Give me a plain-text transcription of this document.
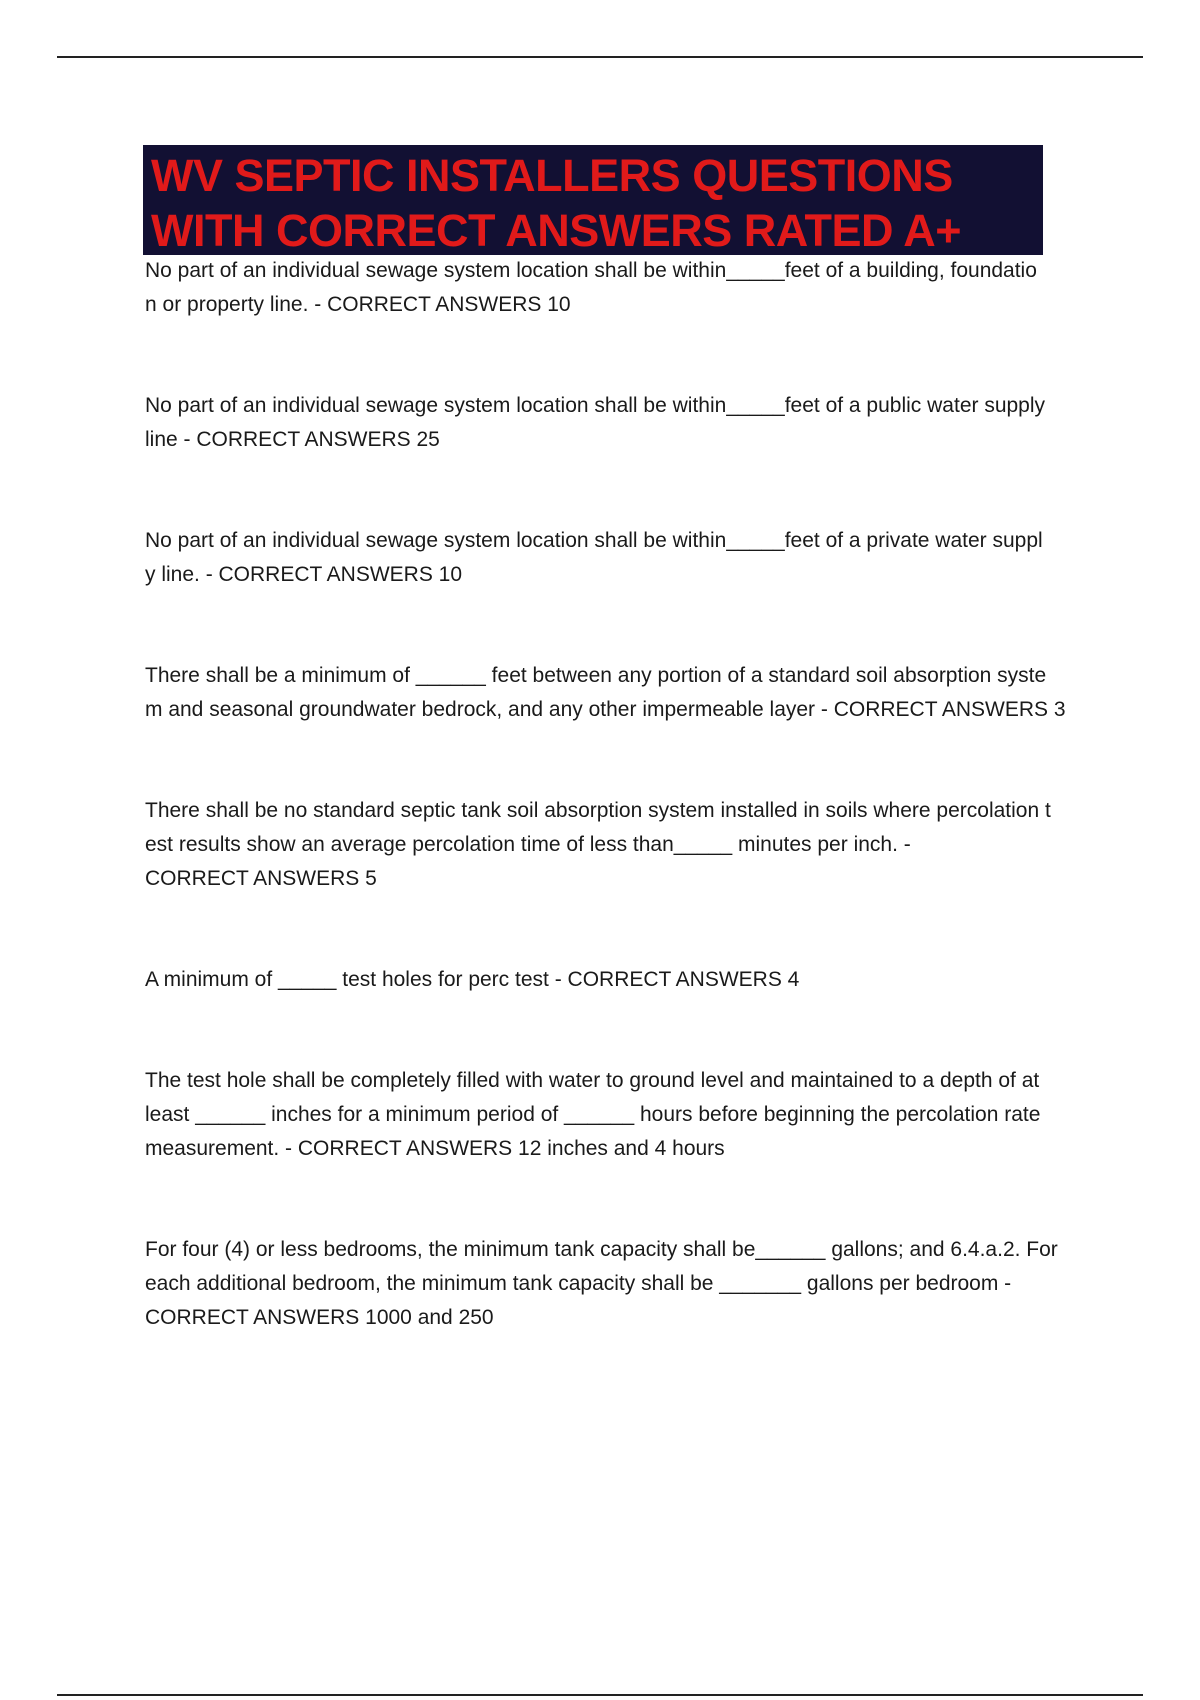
WV SEPTIC INSTALLERS QUESTIONS
WITH CORRECT ANSWERS RATED A+
No part of an individual sewage system location shall be within_____feet of a building, foundatio
n or property line. - CORRECT ANSWERS 10
No part of an individual sewage system location shall be within_____feet of a public water supply
line - CORRECT ANSWERS 25
No part of an individual sewage system location shall be within_____feet of a private water suppl
y line. - CORRECT ANSWERS 10
There shall be a minimum of ______ feet between any portion of a standard soil absorption syste
m and seasonal groundwater bedrock, and any other impermeable layer - CORRECT ANSWERS 3
There shall be no standard septic tank soil absorption system installed in soils where percolation t
est results show an average percolation time of less than_____ minutes per inch. -
CORRECT ANSWERS 5
A minimum of _____ test holes for perc test - CORRECT ANSWERS 4
The test hole shall be completely filled with water to ground level and maintained to a depth of at
least ______ inches for a minimum period of ______ hours before beginning the percolation rate
measurement. - CORRECT ANSWERS 12 inches and 4 hours
For four (4) or less bedrooms, the minimum tank capacity shall be______ gallons; and 6.4.a.2. For
each additional bedroom, the minimum tank capacity shall be _______ gallons per bedroom -
CORRECT ANSWERS 1000 and 250
